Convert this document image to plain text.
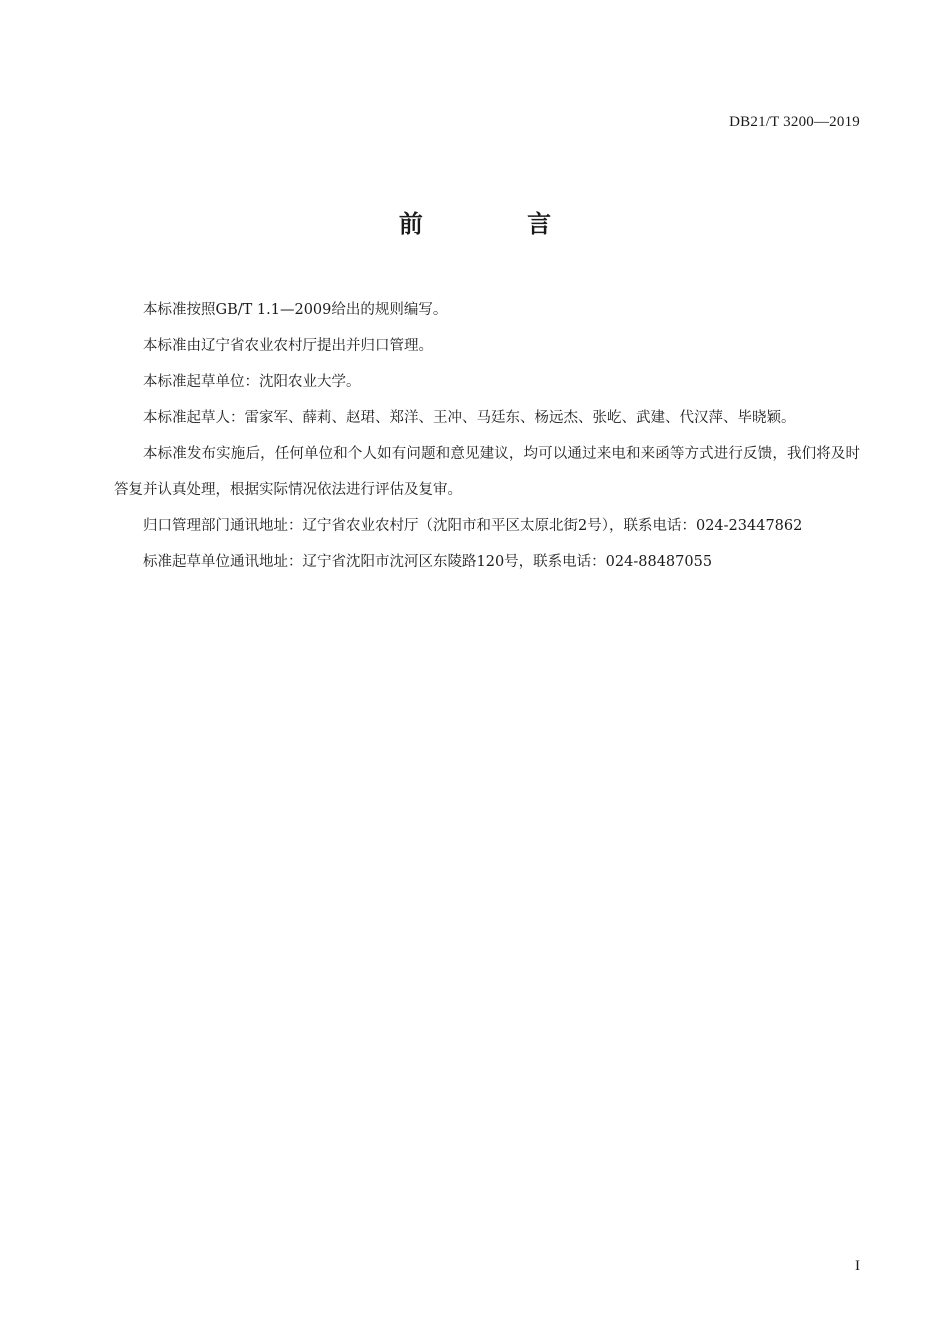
DB21/T 3200—2019
前 言

本标准按照GB/T 1.1—2009给出的规则编写。

本标准由辽宁省农业农村厅提出并归口管理。

本标准起草单位：沈阳农业大学。

本标准起草人：雷家军、薛莉、赵珺、郑洋、王冲、马廷东、杨远杰、张屹、武建、代汉萍、毕晓颖。

本标准发布实施后，任何单位和个人如有问题和意见建议，均可以通过来电和来函等方式进行反馈，我们将及时答复并认真处理，根据实际情况依法进行评估及复审。

归口管理部门通讯地址：辽宁省农业农村厅（沈阳市和平区太原北街2号），联系电话：024-23447862

标准起草单位通讯地址：辽宁省沈阳市沈河区东陵路120号，联系电话：024-88487055

I
